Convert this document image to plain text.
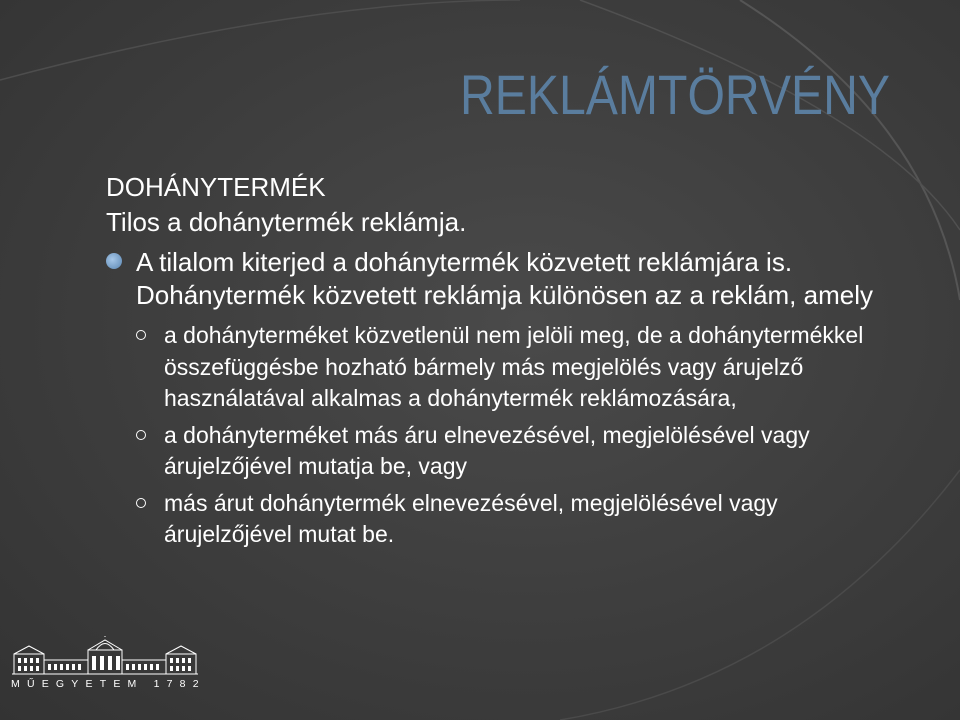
REKLÁMTÖRVÉNY
DOHÁNYTERMÉK
Tilos a dohánytermék reklámja.
A tilalom kiterjed a dohánytermék közvetett reklámjára is. Dohánytermék közvetett reklámja különösen az a reklám, amely
a dohányterméket közvetlenül nem jelöli meg, de a dohánytermékkel összefüggésbe hozható bármely más megjelölés vagy árujelző használatával alkalmas a dohánytermék reklámozására,
a dohányterméket más áru elnevezésével, megjelölésével vagy árujelzőjével mutatja be, vagy
más árut dohánytermék elnevezésével, megjelölésével vagy árujelzőjével mutat be.
MŰEGYETEM 1782
